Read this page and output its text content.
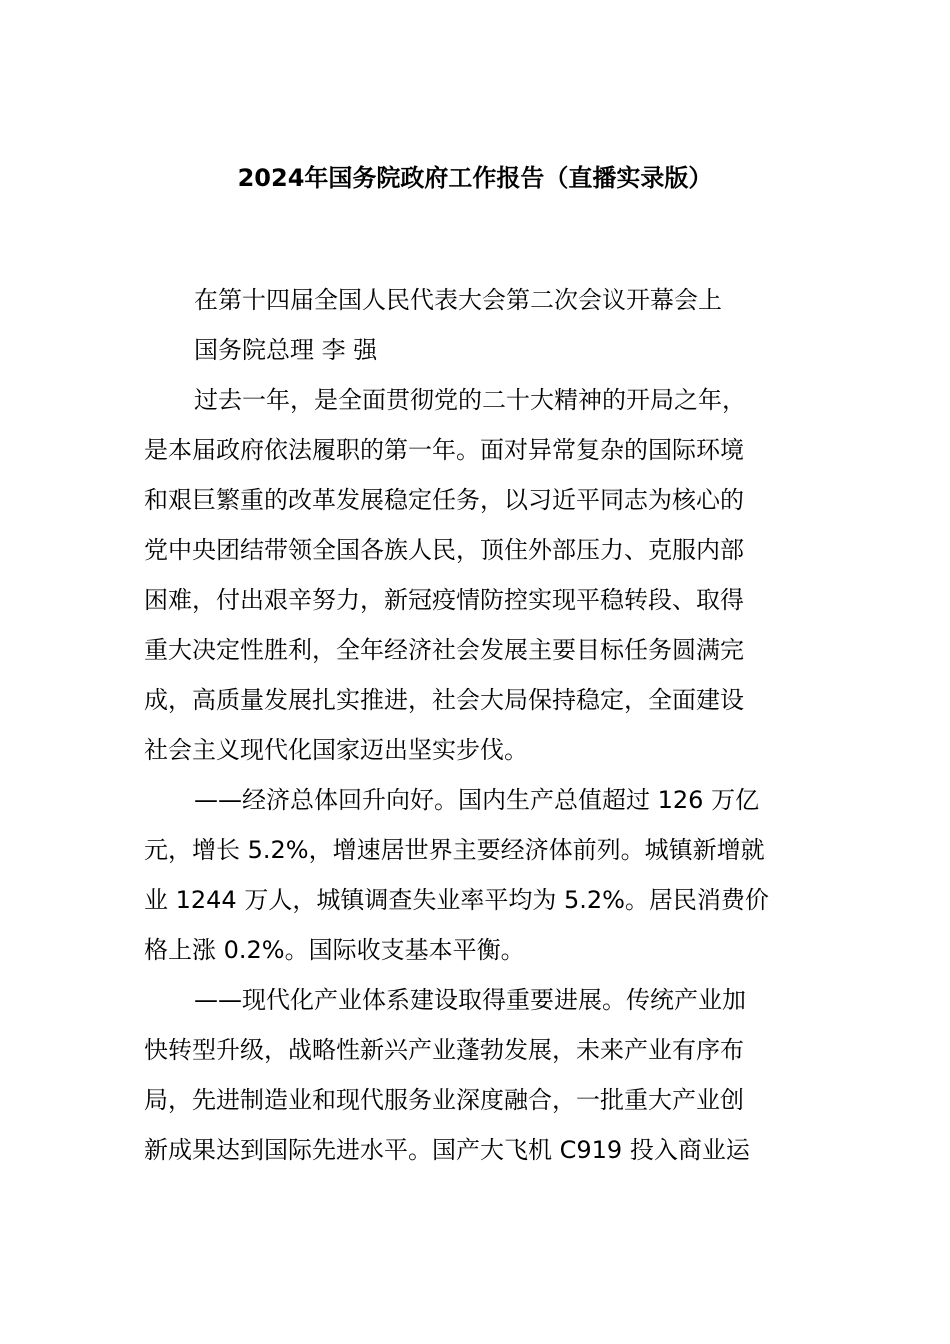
2024年国务院政府工作报告（直播实录版）
在第十四届全国人民代表大会第二次会议开幕会上
国务院总理 李 强
过去一年，是全面贯彻党的二十大精神的开局之年，
是本届政府依法履职的第一年。面对异常复杂的国际环境
和艰巨繁重的改革发展稳定任务，以习近平同志为核心的
党中央团结带领全国各族人民，顶住外部压力、克服内部
困难，付出艰辛努力，新冠疫情防控实现平稳转段、取得
重大决定性胜利，全年经济社会发展主要目标任务圆满完
成，高质量发展扎实推进，社会大局保持稳定，全面建设
社会主义现代化国家迈出坚实步伐。
——经济总体回升向好。国内生产总值超过 126 万亿
元，增长 5.2%，增速居世界主要经济体前列。城镇新增就
业 1244 万人，城镇调查失业率平均为 5.2%。居民消费价
格上涨 0.2%。国际收支基本平衡。
——现代化产业体系建设取得重要进展。传统产业加
快转型升级，战略性新兴产业蓬勃发展，未来产业有序布
局，先进制造业和现代服务业深度融合，一批重大产业创
新成果达到国际先进水平。国产大飞机 C919 投入商业运
